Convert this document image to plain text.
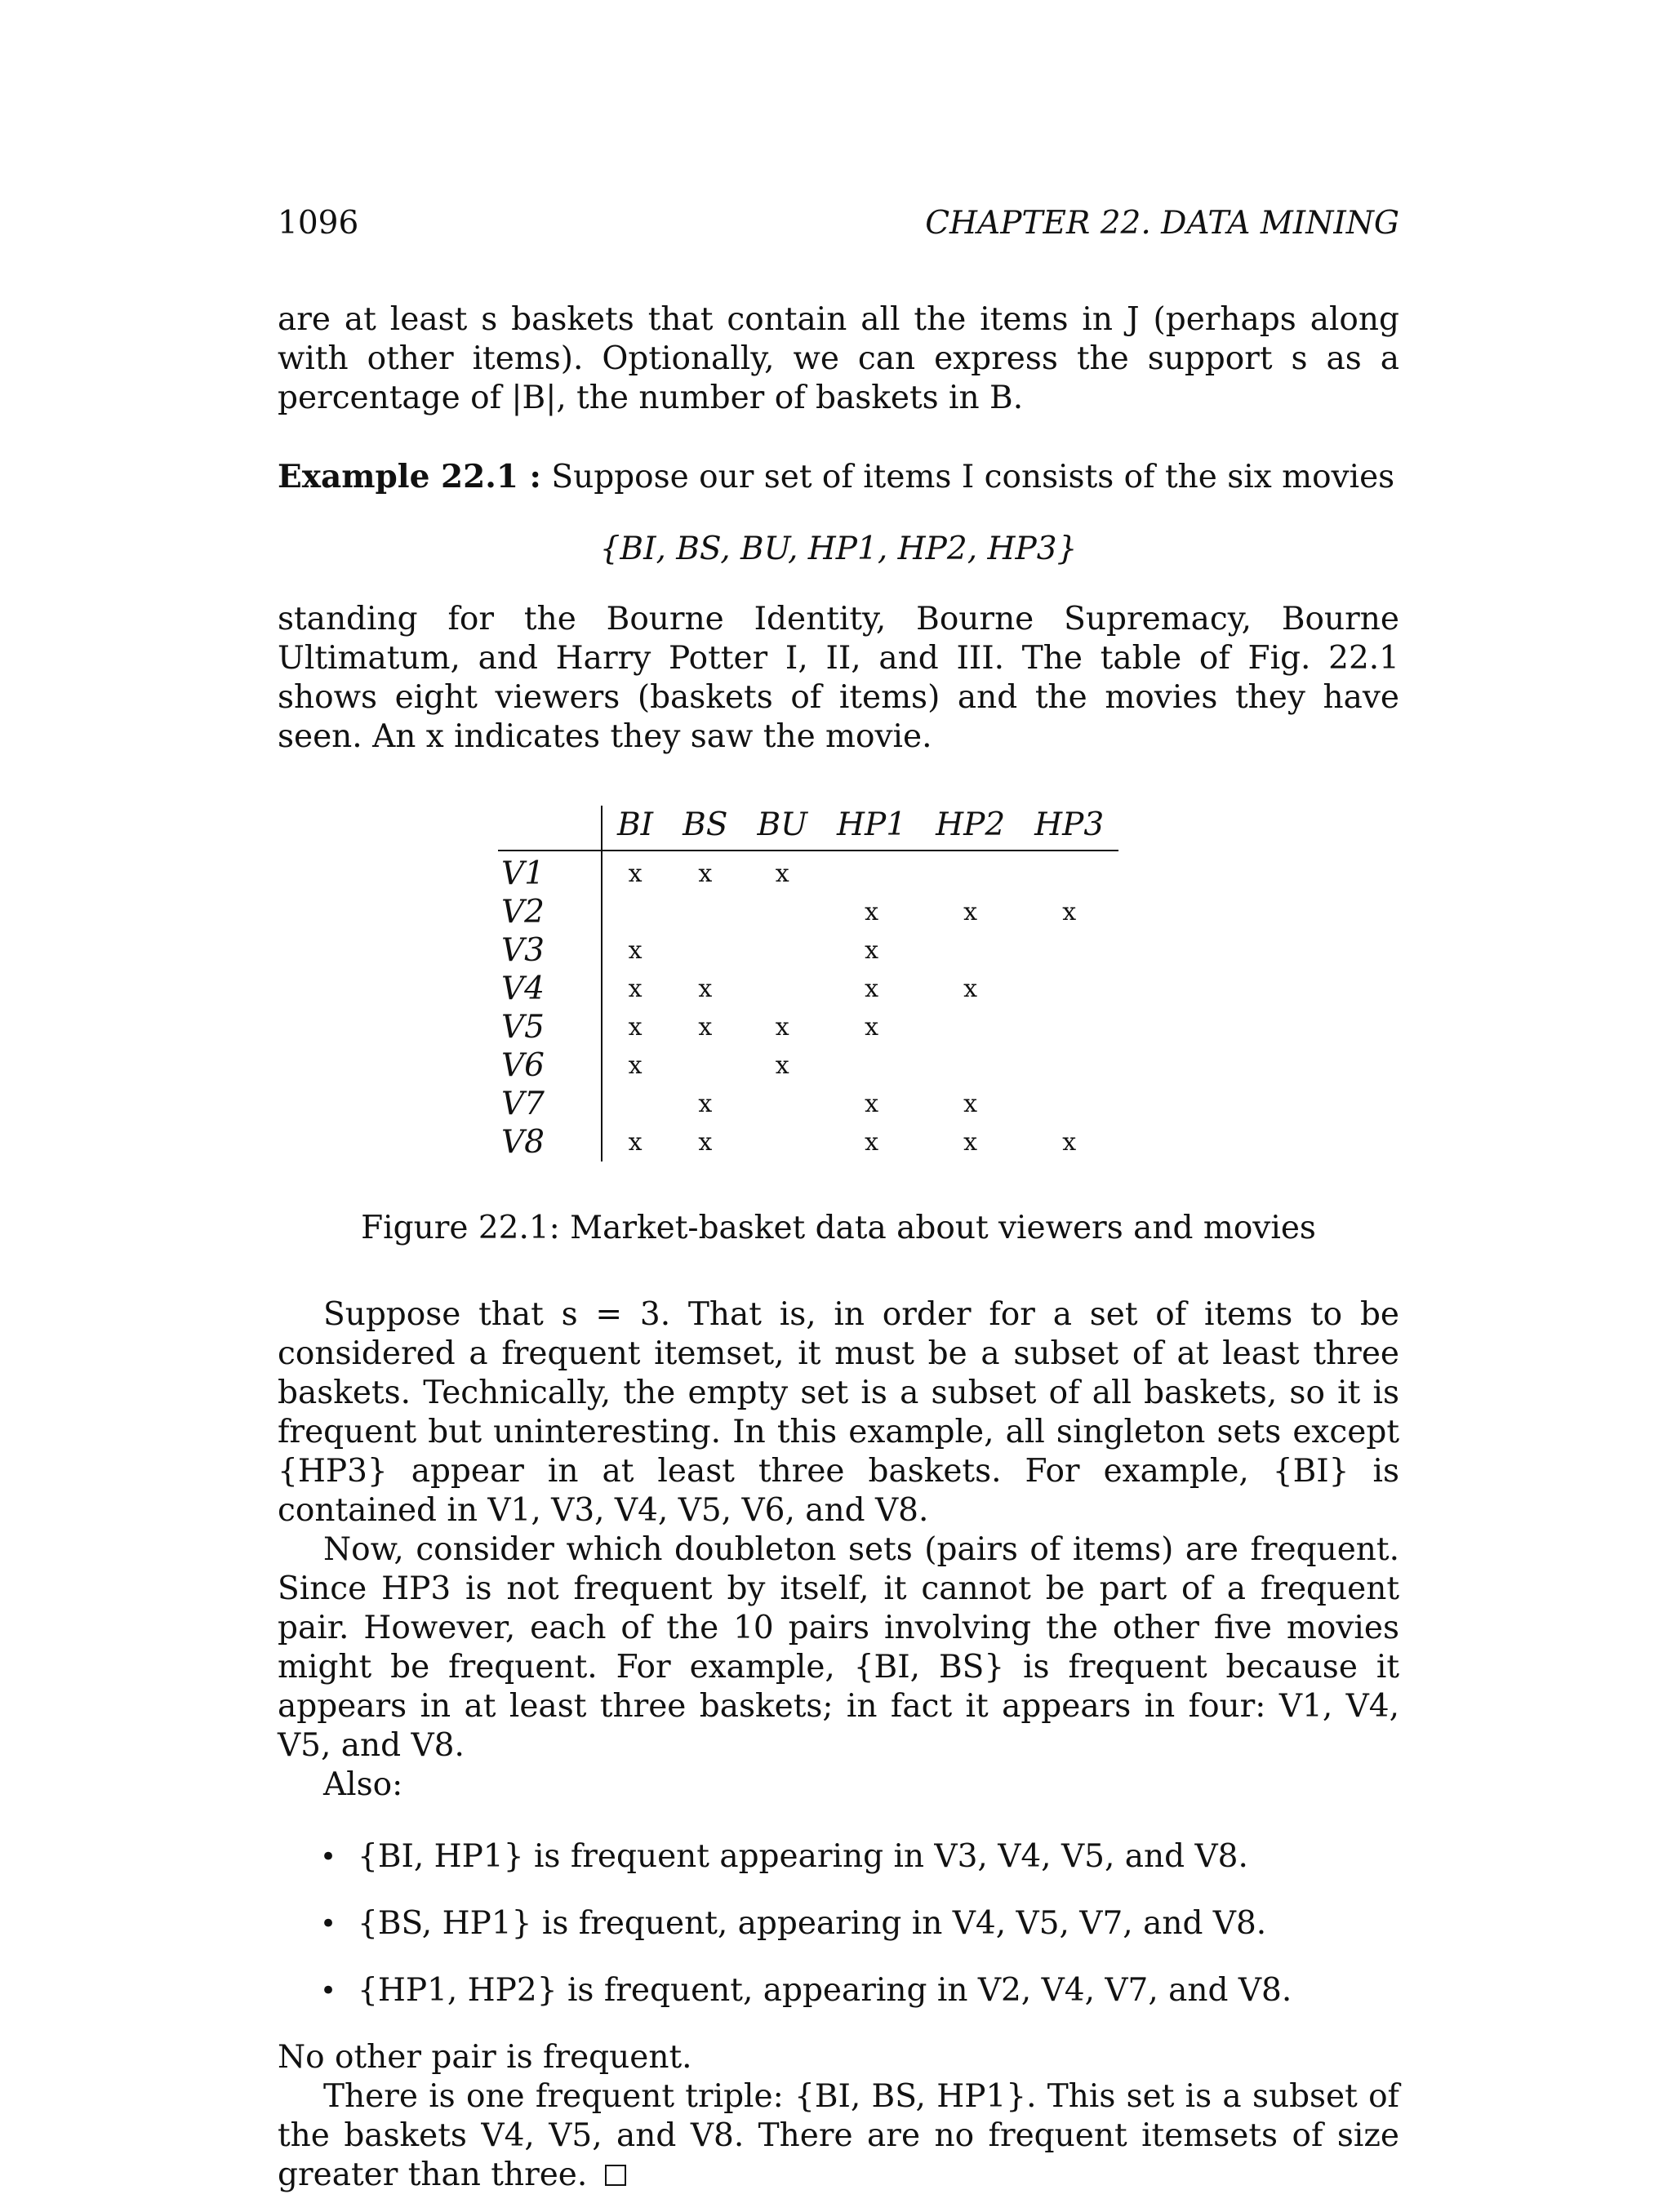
1096	CHAPTER 22. DATA MINING

are at least s baskets that contain all the items in J (perhaps along with other items). Optionally, we can express the support s as a percentage of |B|, the number of baskets in B.

Example 22.1 : Suppose our set of items I consists of the six movies

{BI, BS, BU, HP1, HP2, HP3}

standing for the Bourne Identity, Bourne Supremacy, Bourne Ultimatum, and Harry Potter I, II, and III. The table of Fig. 22.1 shows eight viewers (baskets of items) and the movies they have seen. An x indicates they saw the movie.

	BI	BS	BU	HP1	HP2	HP3
V1	x	x	x			
V2				x	x	x
V3	x			x		
V4	x	x		x	x	
V5	x	x	x	x		
V6	x		x			
V7		x		x	x	
V8	x	x		x	x	x
Figure 22.1: Market-basket data about viewers and movies

Suppose that s = 3. That is, in order for a set of items to be considered a frequent itemset, it must be a subset of at least three baskets. Technically, the empty set is a subset of all baskets, so it is frequent but uninteresting. In this example, all singleton sets except {HP3} appear in at least three baskets. For example, {BI} is contained in V1, V3, V4, V5, V6, and V8.

Now, consider which doubleton sets (pairs of items) are frequent. Since HP3 is not frequent by itself, it cannot be part of a frequent pair. However, each of the 10 pairs involving the other five movies might be frequent. For example, {BI, BS} is frequent because it appears in at least three baskets; in fact it appears in four: V1, V4, V5, and V8.

Also:

• {BI, HP1} is frequent appearing in V3, V4, V5, and V8.
• {BS, HP1} is frequent, appearing in V4, V5, V7, and V8.
• {HP1, HP2} is frequent, appearing in V2, V4, V7, and V8.

No other pair is frequent.

There is one frequent triple: {BI, BS, HP1}. This set is a subset of the baskets V4, V5, and V8. There are no frequent itemsets of size greater than three.
